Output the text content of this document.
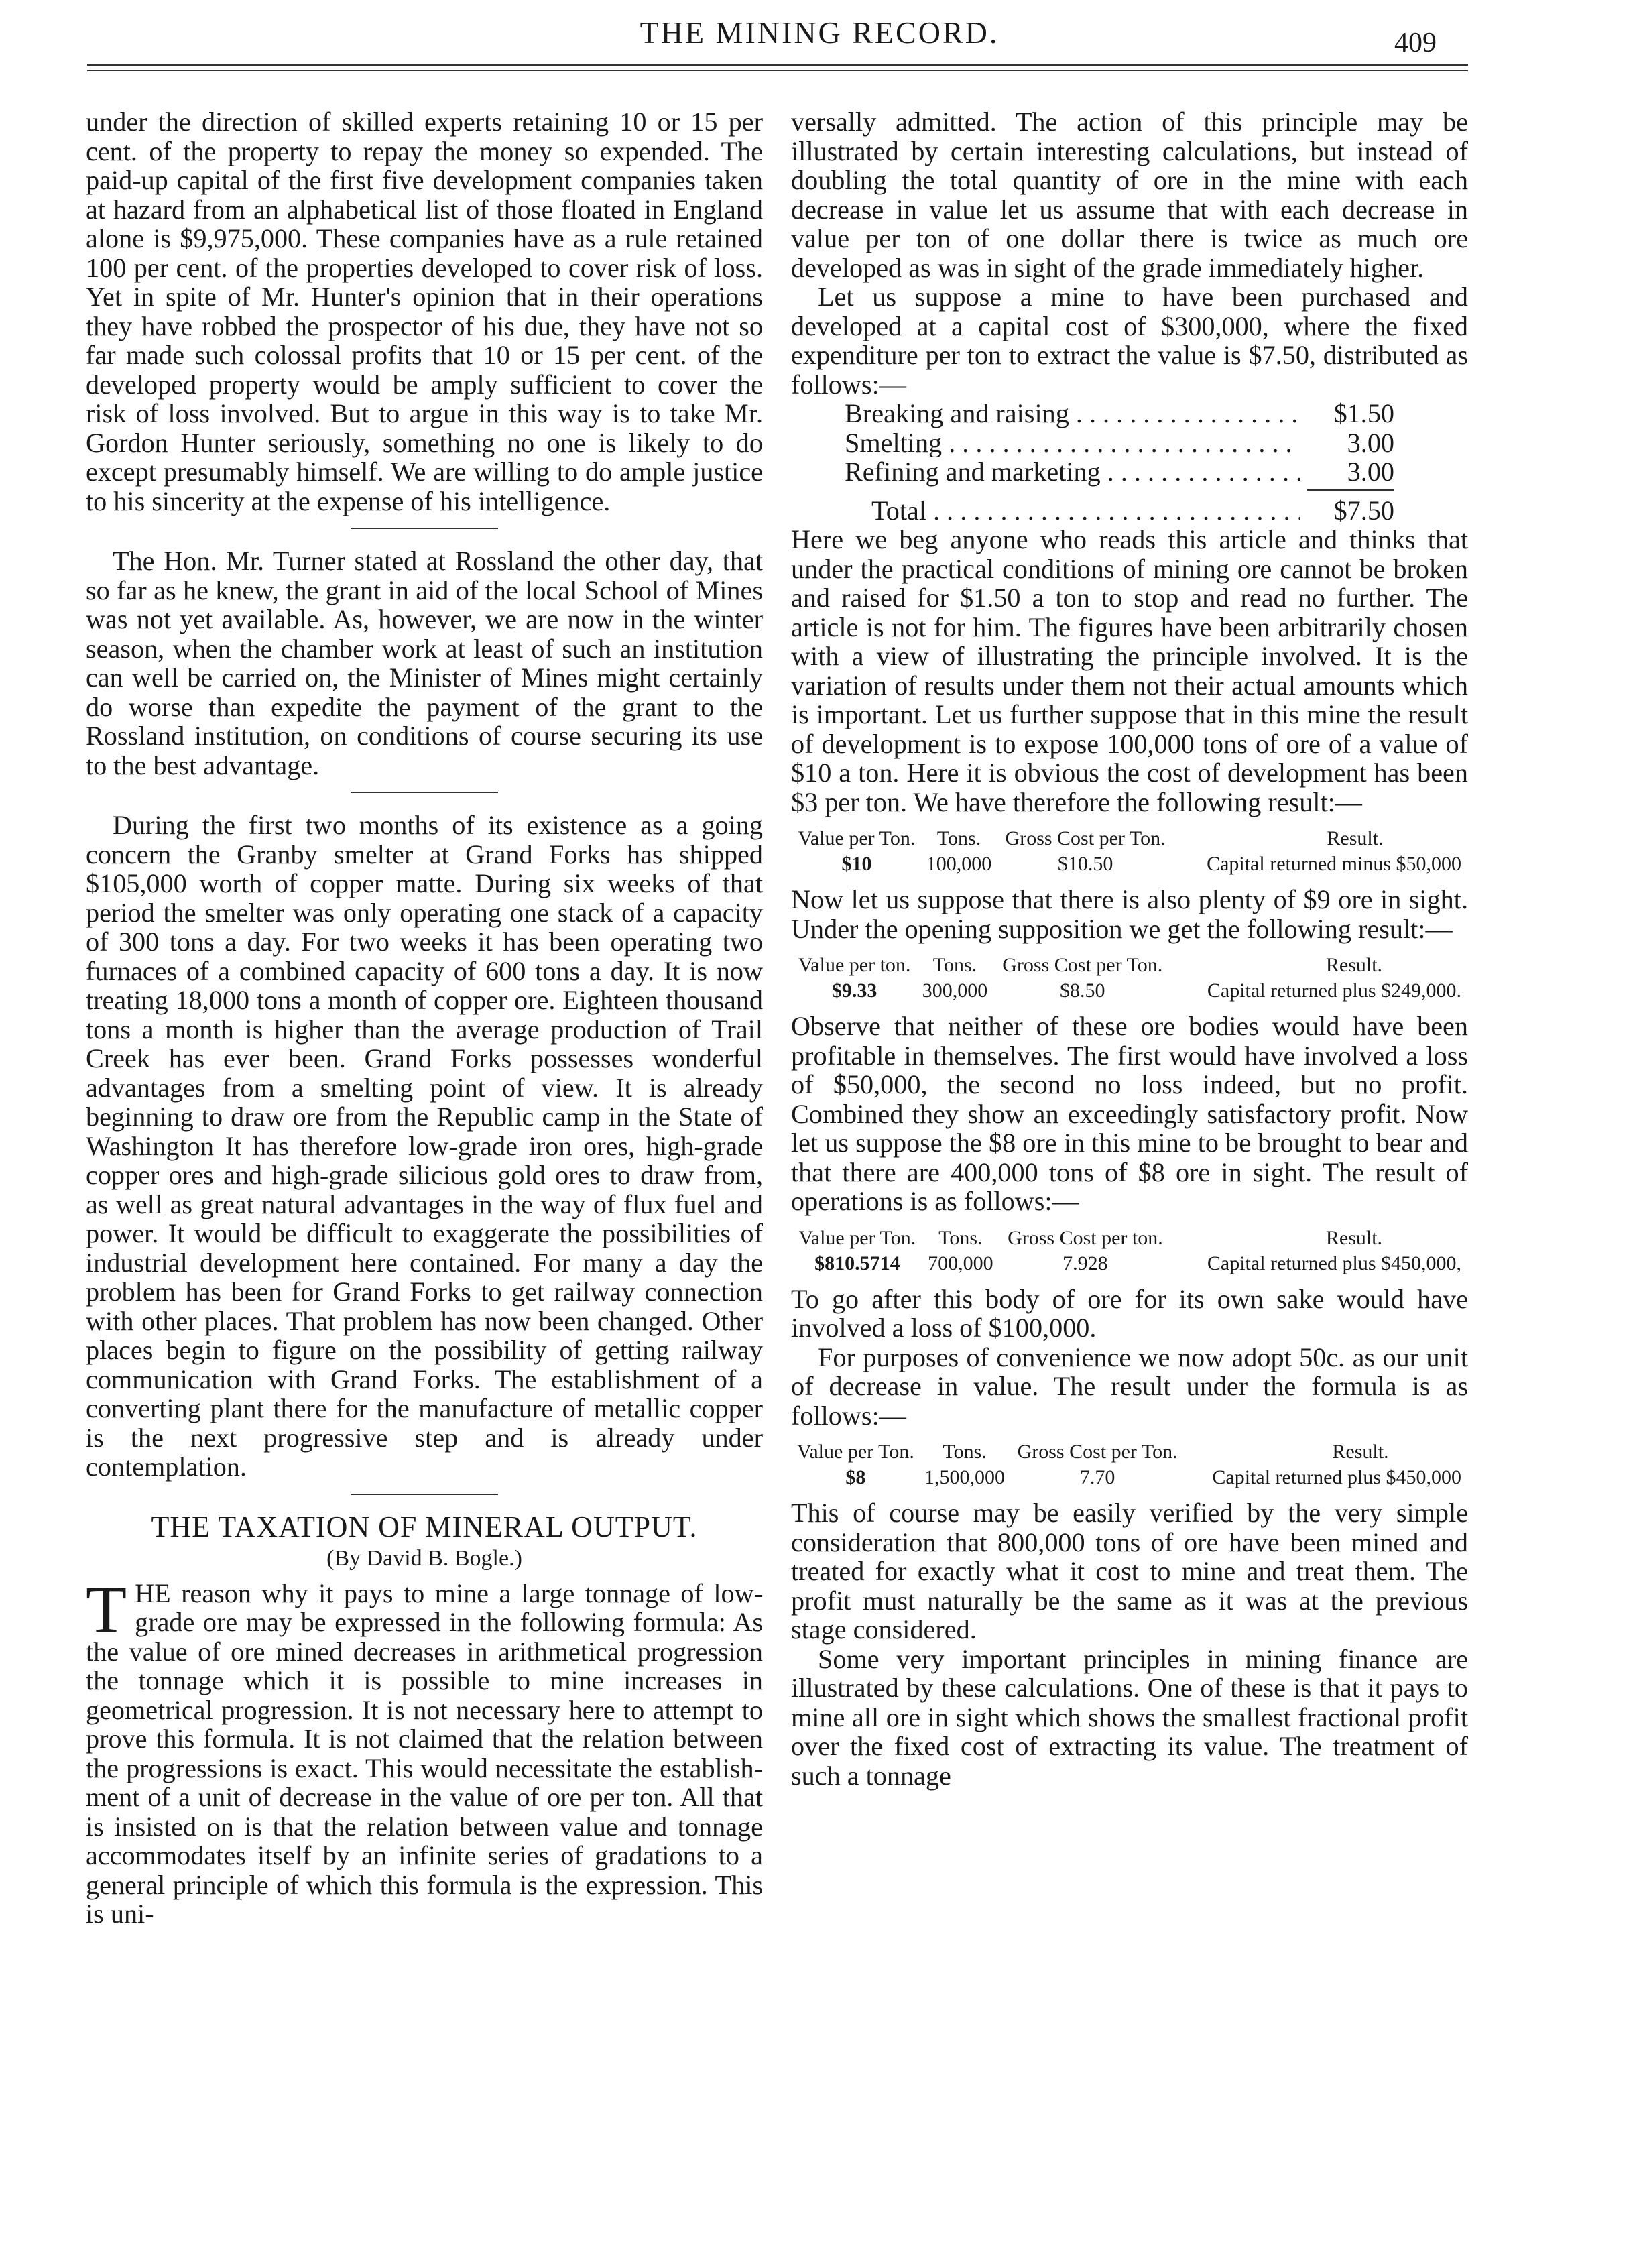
THE MINING RECORD.	409

under the direction of skilled experts retaining 10 or 15 per cent. of the property to repay the money so expended. The paid-up capital of the first five development companies taken at hazard from an alphabetical list of those floated in England alone is $9,975,000. These companies have as a rule retained 100 per cent. of the properties developed to cover risk of loss. Yet in spite of Mr. Hunter's opinion that in their operations they have robbed the prospector of his due, they have not so far made such colossal profits that 10 or 15 per cent. of the developed property would be amply sufficient to cover the risk of loss involved. But to argue in this way is to take Mr. Gordon Hunter seriously, something no one is likely to do except presumably himself. We are willing to do ample justice to his sincerity at the expense of his intelligence.

The Hon. Mr. Turner stated at Rossland the other day, that so far as he knew, the grant in aid of the local School of Mines was not yet available. As, however, we are now in the winter season, when the chamber work at least of such an institution can well be carried on, the Minister of Mines might certainly do worse than expedite the payment of the grant to the Rossland institution, on conditions of course securing its use to the best advantage.

During the first two months of its existence as a going concern the Granby smelter at Grand Forks has shipped $105,000 worth of copper matte. During six weeks of that period the smelter was only operating one stack of a capacity of 300 tons a day. For two weeks it has been operating two furnaces of a combined capacity of 600 tons a day. It is now treating 18,000 tons a month of copper ore. Eighteen thousand tons a month is higher than the average production of Trail Creek has ever been. Grand Forks possesses wonderful advantages from a smelting point of view. It is already beginning to draw ore from the Republic camp in the State of Washington It has therefore low-grade iron ores, high-grade copper ores and high-grade silicious gold ores to draw from, as well as great natural advantages in the way of flux fuel and power. It would be difficult to exaggerate the possibilities of industrial development here contained. For many a day the problem has been for Grand Forks to get railway connection with other places. That problem has now been changed. Other places begin to figure on the possibility of getting railway communication with Grand Forks. The establishment of a converting plant there for the manufacture of metallic copper is the next progressive step and is already under contemplation.

THE TAXATION OF MINERAL OUTPUT.
(By David B. Bogle.)

THE reason why it pays to mine a large tonnage of low-grade ore may be expressed in the following formula: As the value of ore mined decreases in arithmetical progression the tonnage which it is possible to mine increases in geometrical progression. It is not necessary here to attempt to prove this formula. It is not claimed that the relation between the progressions is exact. This would necessitate the establishment of a unit of decrease in the value of ore per ton. All that is insisted on is that the relation between value and tonnage accommodates itself by an infinite series of gradations to a general principle of which this formula is the expression. This is uni-

versally admitted. The action of this principle may be illustrated by certain interesting calculations, but instead of doubling the total quantity of ore in the mine with each decrease in value let us assume that with each decrease in value per ton of one dollar there is twice as much ore developed as was in sight of the grade immediately higher.

Let us suppose a mine to have been purchased and developed at a capital cost of $300,000, where the fixed expenditure per ton to extract the value is $7.50, distributed as follows:—

Breaking and raising . . .	$1.50
Smelting . . .	3.00
Refining and marketing . . .	3.00
Total . . .	$7.50

Here we beg anyone who reads this article and thinks that under the practical conditions of mining ore cannot be broken and raised for $1.50 a ton to stop and read no further. The article is not for him. The figures have been arbitrarily chosen with a view of illustrating the principle involved. It is the variation of results under them not their actual amounts which is important. Let us further suppose that in this mine the result of development is to expose 100,000 tons of ore of a value of $10 a ton. Here it is obvious the cost of development has been $3 per ton. We have therefore the following result:—

Value per Ton.	Tons.	Gross Cost per Ton.	Result.
$10	100,000	$10.50	Capital returned minus $50,000

Now let us suppose that there is also plenty of $9 ore in sight. Under the opening supposition we get the following result:—

Value per ton.	Tons.	Gross Cost per Ton.	Result.
$9.33	300,000	$8.50	Capital returned plus $249,000.

Observe that neither of these ore bodies would have been profitable in themselves. The first would have involved a loss of $50,000, the second no loss indeed, but no profit. Combined they show an exceedingly satisfactory profit. Now let us suppose the $8 ore in this mine to be brought to bear and that there are 400,000 tons of $8 ore in sight. The result of operations is as follows:—

Value per Ton.	Tons.	Gross Cost per ton.	Result.
$810.5714	700,000	7.928	Capital returned plus $450,000,

To go after this body of ore for its own sake would have involved a loss of $100,000.

For purposes of convenience we now adopt 50c. as our unit of decrease in value. The result under the formula is as follows:—

Value per Ton.	Tons.	Gross Cost per Ton.	Result.
$8	1,500,000	7.70	Capital returned plus $450,000

This of course may be easily verified by the very simple consideration that 800,000 tons of ore have been mined and treated for exactly what it cost to mine and treat them. The profit must naturally be the same as it was at the previous stage considered.

Some very important principles in mining finance are illustrated by these calculations. One of these is that it pays to mine all ore in sight which shows the smallest fractional profit over the fixed cost of extracting its value. The treatment of such a tonnage
